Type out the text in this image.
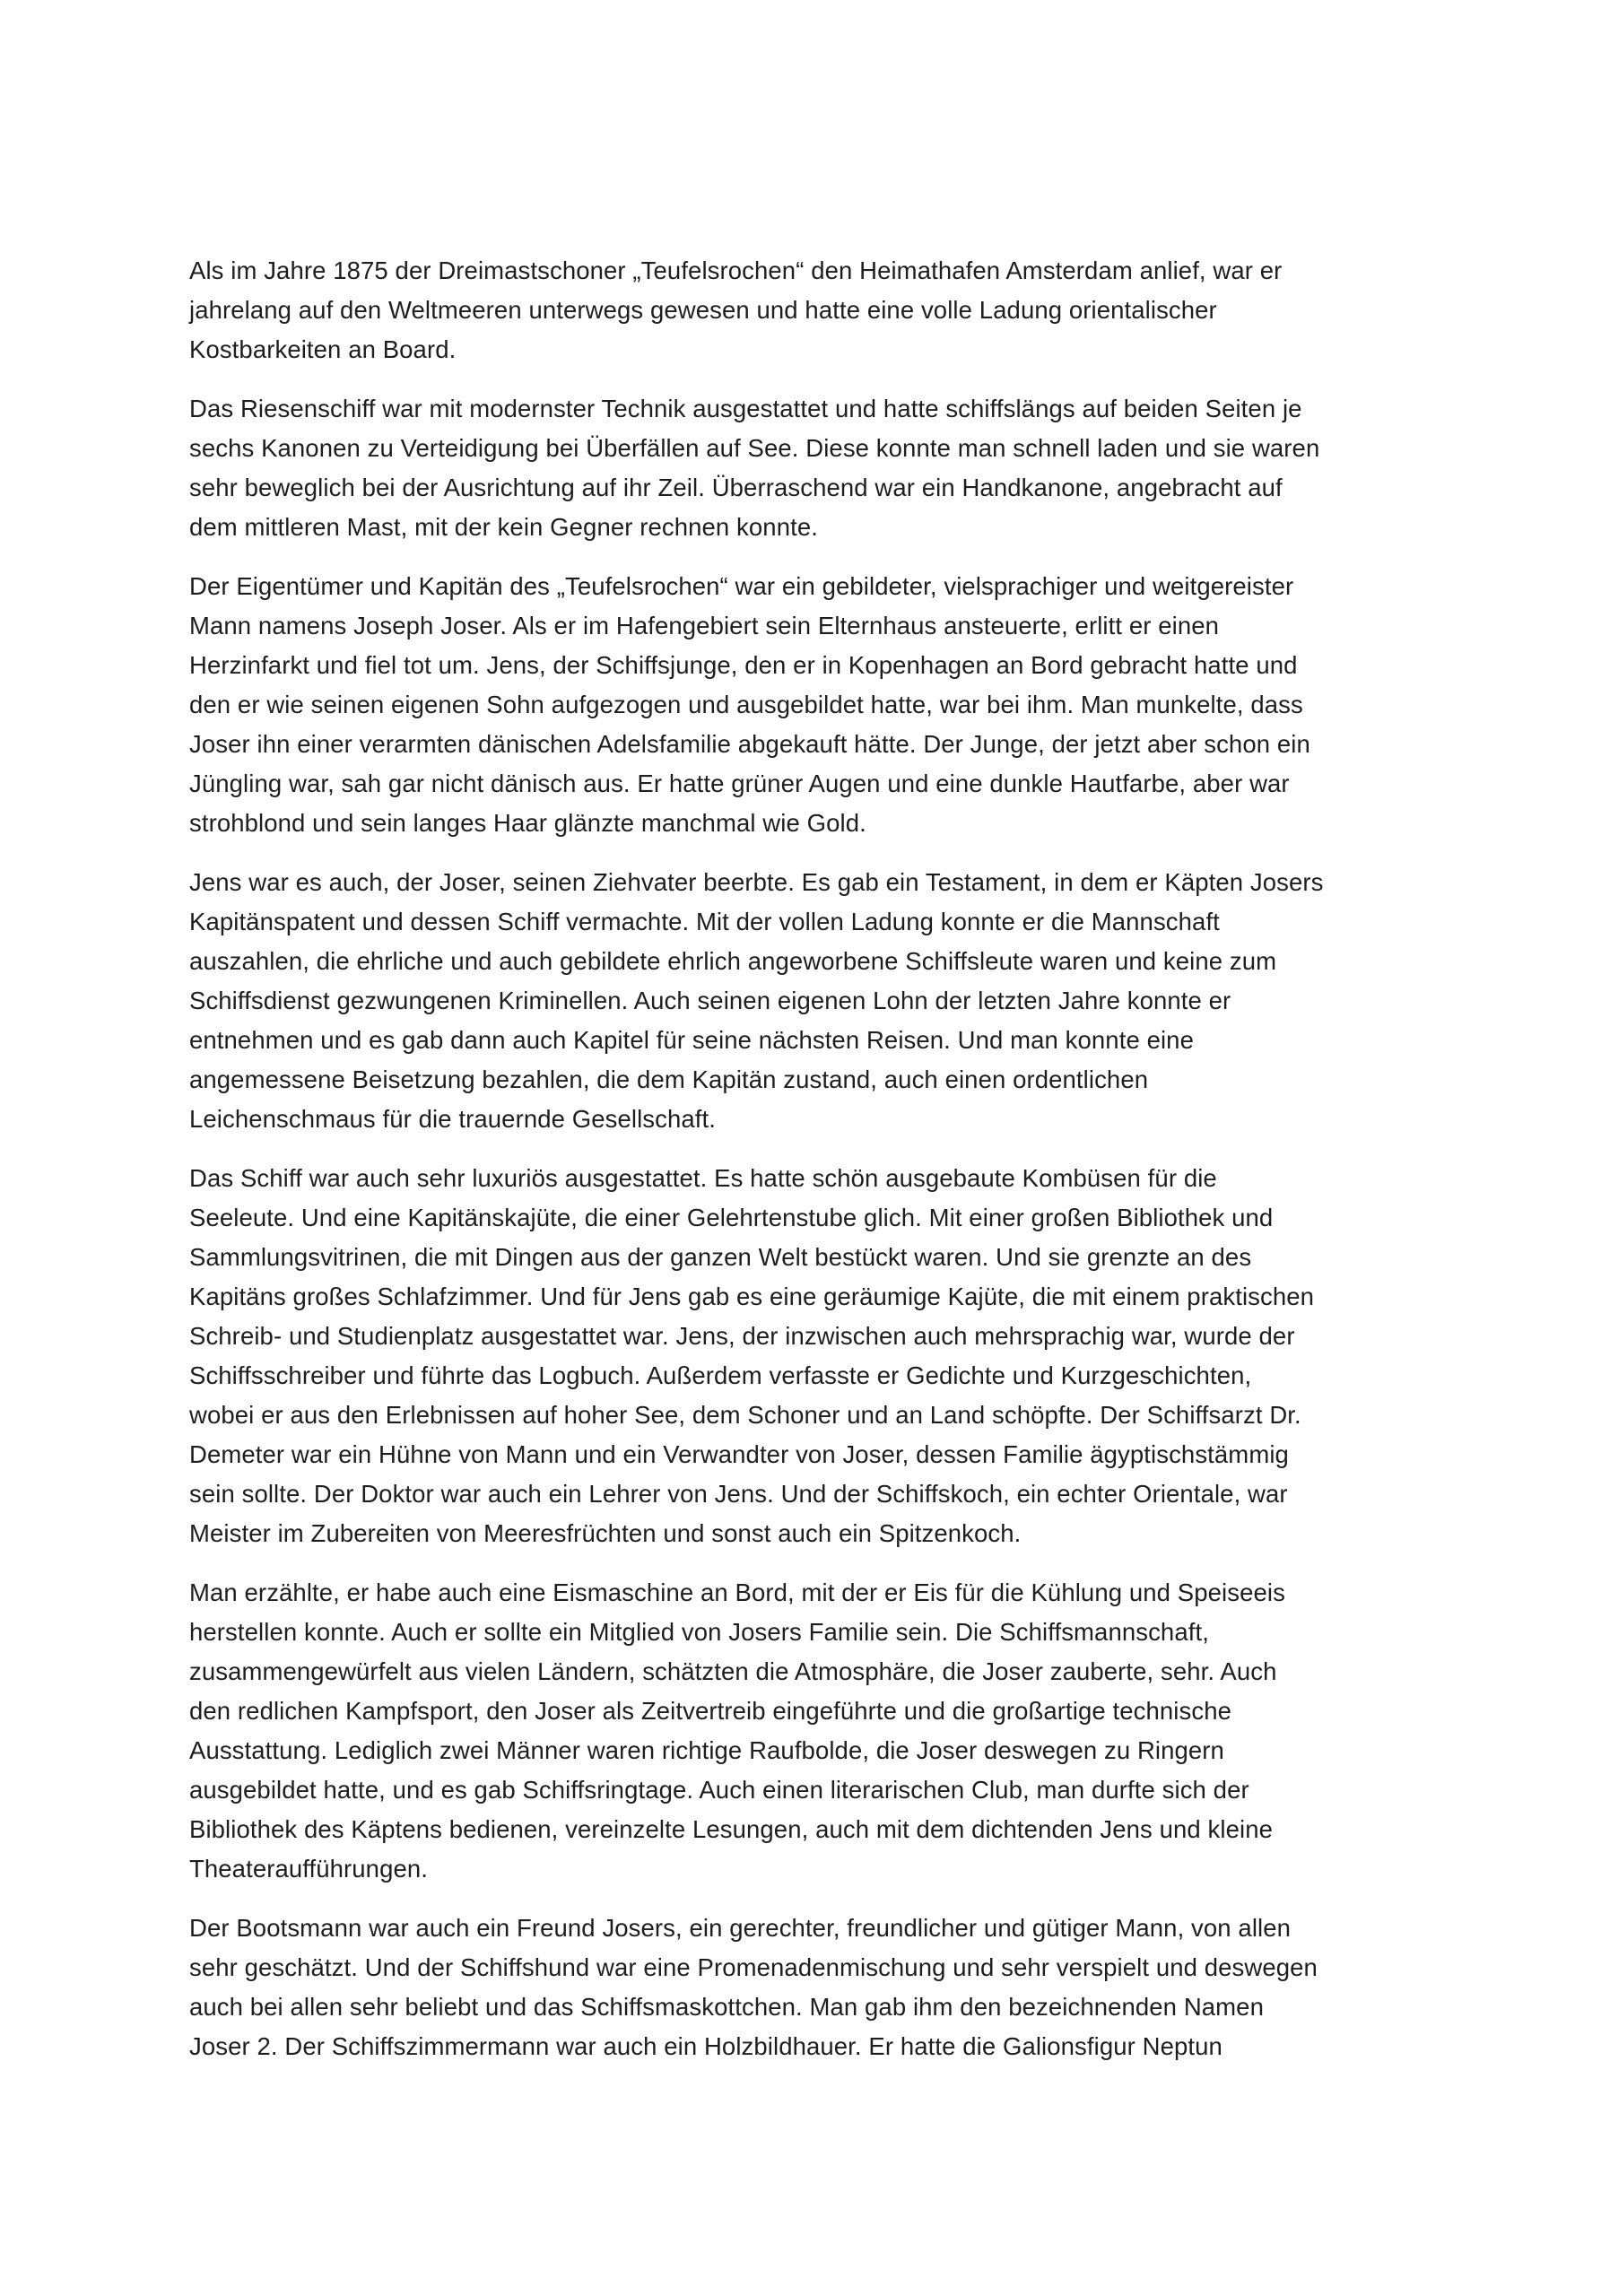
Als im Jahre 1875 der Dreimastschoner „Teufelsrochen“ den Heimathafen Amsterdam anlief, war er
jahrelang auf den Weltmeeren unterwegs gewesen und hatte eine volle Ladung orientalischer
Kostbarkeiten an Board.

Das Riesenschiff war mit modernster Technik ausgestattet und hatte schiffslängs auf beiden Seiten je
sechs Kanonen zu Verteidigung bei Überfällen auf See. Diese konnte man schnell laden und sie waren
sehr beweglich bei der Ausrichtung auf ihr Zeil. Überraschend war ein Handkanone, angebracht auf
dem mittleren Mast, mit der kein Gegner rechnen konnte.

Der Eigentümer und Kapitän des „Teufelsrochen“ war ein gebildeter, vielsprachiger und weitgereister
Mann namens Joseph Joser. Als er im Hafengebiert sein Elternhaus ansteuerte, erlitt er einen
Herzinfarkt und fiel tot um. Jens, der Schiffsjunge, den er in Kopenhagen an Bord gebracht hatte und
den er wie seinen eigenen Sohn aufgezogen und ausgebildet hatte, war bei ihm. Man munkelte, dass
Joser ihn einer verarmten dänischen Adelsfamilie abgekauft hätte. Der Junge, der jetzt aber schon ein
Jüngling war, sah gar nicht dänisch aus. Er hatte grüner Augen und eine dunkle Hautfarbe, aber war
strohblond und sein langes Haar glänzte manchmal wie Gold.

Jens war es auch, der Joser, seinen Ziehvater beerbte. Es gab ein Testament, in dem er Käpten Josers
Kapitänspatent und dessen Schiff vermachte. Mit der vollen Ladung konnte er die Mannschaft
auszahlen, die ehrliche und auch gebildete ehrlich angeworbene Schiffsleute waren und keine zum
Schiffsdienst gezwungenen Kriminellen. Auch seinen eigenen Lohn der letzten Jahre konnte er
entnehmen und es gab dann auch Kapitel für seine nächsten Reisen. Und man konnte eine
angemessene Beisetzung bezahlen, die dem Kapitän zustand, auch einen ordentlichen
Leichenschmaus für die trauernde Gesellschaft.

Das Schiff war auch sehr luxuriös ausgestattet. Es hatte schön ausgebaute Kombüsen für die
Seeleute. Und eine Kapitänskajüte, die einer Gelehrtenstube glich. Mit einer großen Bibliothek und
Sammlungsvitrinen, die mit Dingen aus der ganzen Welt bestückt waren. Und sie grenzte an des
Kapitäns großes Schlafzimmer. Und für Jens gab es eine geräumige Kajüte, die mit einem praktischen
Schreib- und Studienplatz ausgestattet war. Jens, der inzwischen auch mehrsprachig war, wurde der
Schiffsschreiber und führte das Logbuch. Außerdem verfasste er Gedichte und Kurzgeschichten,
wobei er aus den Erlebnissen auf hoher See, dem Schoner und an Land schöpfte. Der Schiffsarzt Dr.
Demeter war ein Hühne von Mann und ein Verwandter von Joser, dessen Familie ägyptischstämmig
sein sollte. Der Doktor war auch ein Lehrer von Jens. Und der Schiffskoch, ein echter Orientale, war
Meister im Zubereiten von Meeresfrüchten und sonst auch ein Spitzenkoch.

Man erzählte, er habe auch eine Eismaschine an Bord, mit der er Eis für die Kühlung und Speiseeis
herstellen konnte. Auch er sollte ein Mitglied von Josers Familie sein. Die Schiffsmannschaft,
zusammengewürfelt aus vielen Ländern, schätzten die Atmosphäre, die Joser zauberte, sehr. Auch
den redlichen Kampfsport, den Joser als Zeitvertreib eingeführte und die großartige technische
Ausstattung. Lediglich zwei Männer waren richtige Raufbolde, die Joser deswegen zu Ringern
ausgebildet hatte, und es gab Schiffsringtage. Auch einen literarischen Club, man durfte sich der
Bibliothek des Käptens bedienen, vereinzelte Lesungen, auch mit dem dichtenden Jens und kleine
Theateraufführungen.

Der Bootsmann war auch ein Freund Josers, ein gerechter, freundlicher und gütiger Mann, von allen
sehr geschätzt. Und der Schiffshund war eine Promenadenmischung und sehr verspielt und deswegen
auch bei allen sehr beliebt und das Schiffsmaskottchen. Man gab ihm den bezeichnenden Namen
Joser 2. Der Schiffszimmermann war auch ein Holzbildhauer. Er hatte die Galionsfigur Neptun
